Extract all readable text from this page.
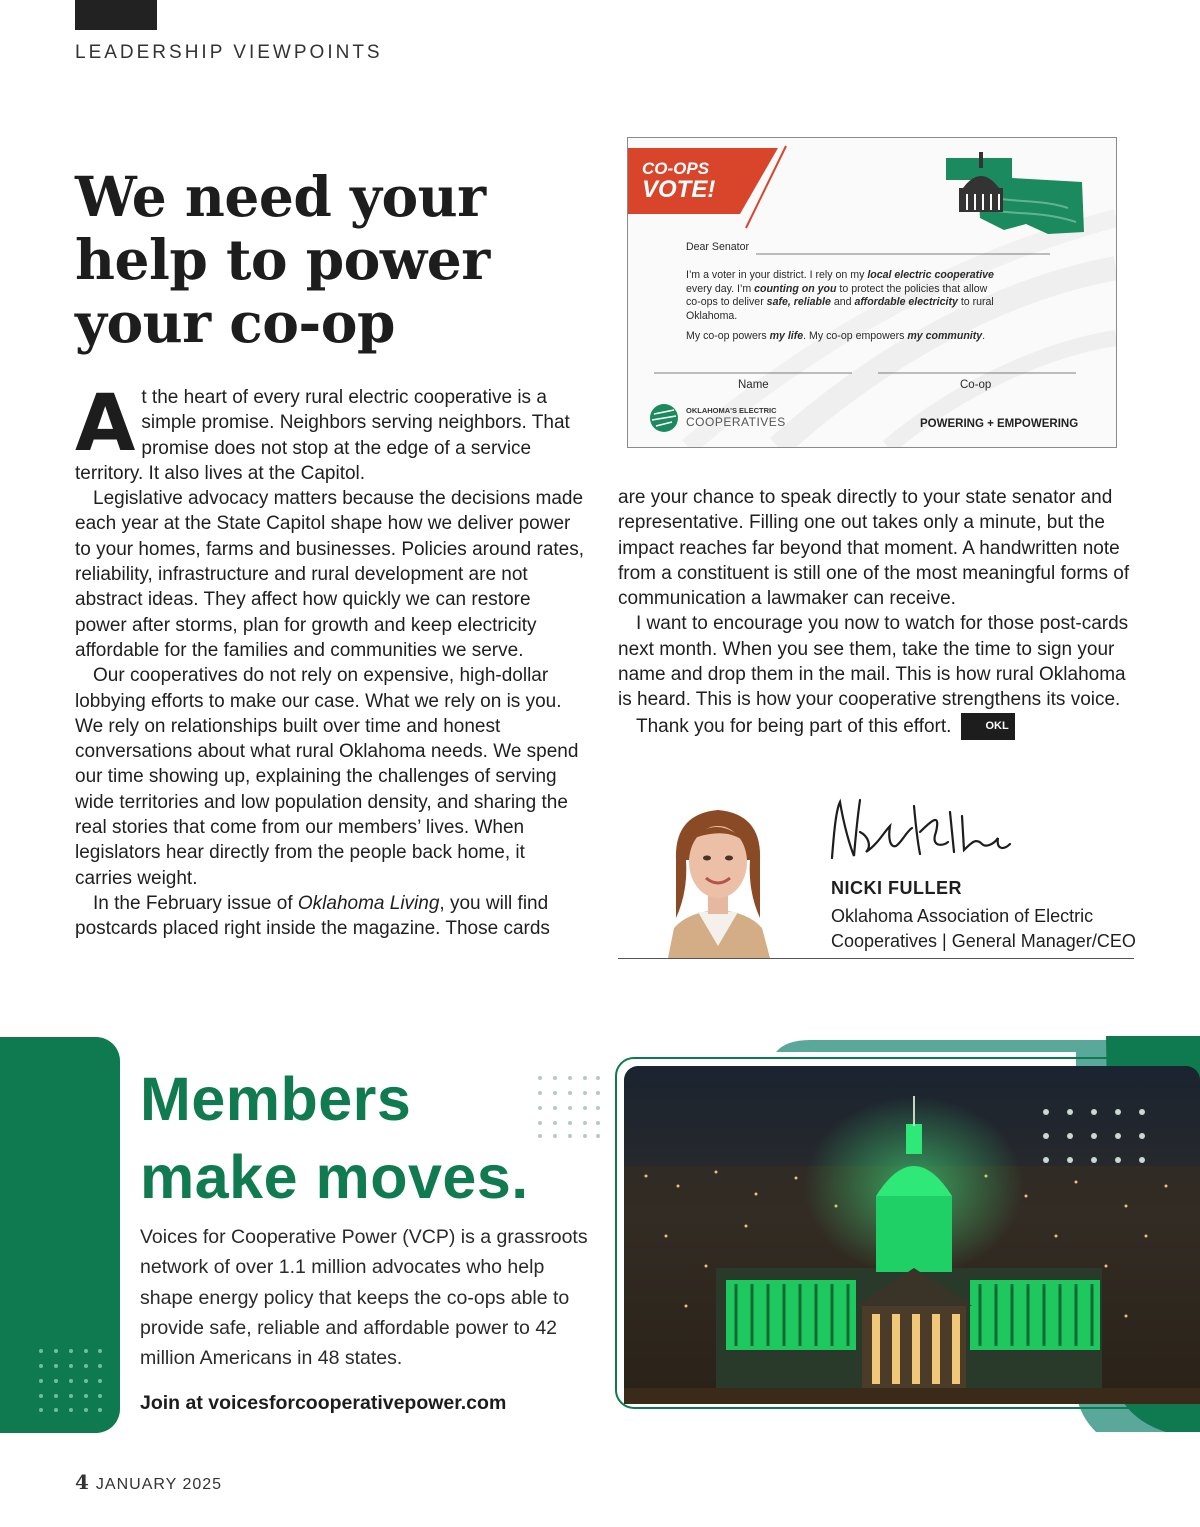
LEADERSHIP VIEWPOINTS
We need your
help to power
your co-op

At the heart of every rural electric cooperative is a simple promise. Neighbors serving neighbors. That promise does not stop at the edge of a service territory. It also lives at the Capitol.

Legislative advocacy matters because the decisions made each year at the State Capitol shape how we deliver power to your homes, farms and businesses. Policies around rates, reliability, infrastructure and rural development are not abstract ideas. They affect how quickly we can restore power after storms, plan for growth and keep electricity affordable for the families and communities we serve.

Our cooperatives do not rely on expensive, high-dollar lobbying efforts to make our case. What we rely on is you. We rely on relationships built over time and honest conversations about what rural Oklahoma needs. We spend our time showing up, explaining the challenges of serving wide territories and low population density, and sharing the real stories that come from our members’ lives. When legislators hear directly from the people back home, it carries weight.

In the February issue of Oklahoma Living, you will find postcards placed right inside the magazine. Those cards

CO-OPS
VOTE!
Dear Senator
I’m a voter in your district. I rely on my local electric cooperative
every day. I’m counting on you to protect the policies that allow
co-ops to deliver safe, reliable and affordable electricity to rural
Oklahoma.
My co-op powers my life. My co-op empowers my community.
Name	Co-op
OKLAHOMA'S ELECTRIC
COOPERATIVES	POWERING + EMPOWERING

are your chance to speak directly to your state senator and representative. Filling one out takes only a minute, but the impact reaches far beyond that moment. A handwritten note from a constituent is still one of the most meaningful forms of communication a lawmaker can receive.

I want to encourage you now to watch for those post-cards next month. When you see them, take the time to sign your name and drop them in the mail. This is how rural Oklahoma is heard. This is how your cooperative strengthens its voice.

Thank you for being part of this effort.	OKL

NICKI FULLER
Oklahoma Association of Electric
Cooperatives | General Manager/CEO
Members
make moves.
Voices for Cooperative Power (VCP) is a grassroots network of over 1.1 million advocates who help shape energy policy that keeps the co-ops able to provide safe, reliable and affordable power to 42 million Americans in 48 states.
Join at voicesforcooperativepower.com
4 JANUARY 2025
